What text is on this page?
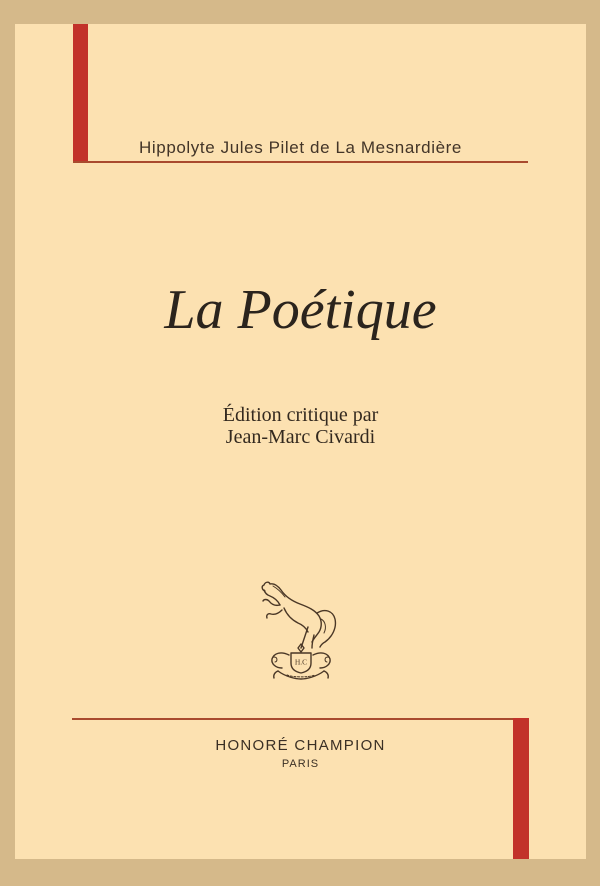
Hippolyte Jules Pilet de La Mesnardière
La Poétique
Édition critique par
Jean-Marc Civardi
H.C
HONORÉ CHAMPION
PARIS
